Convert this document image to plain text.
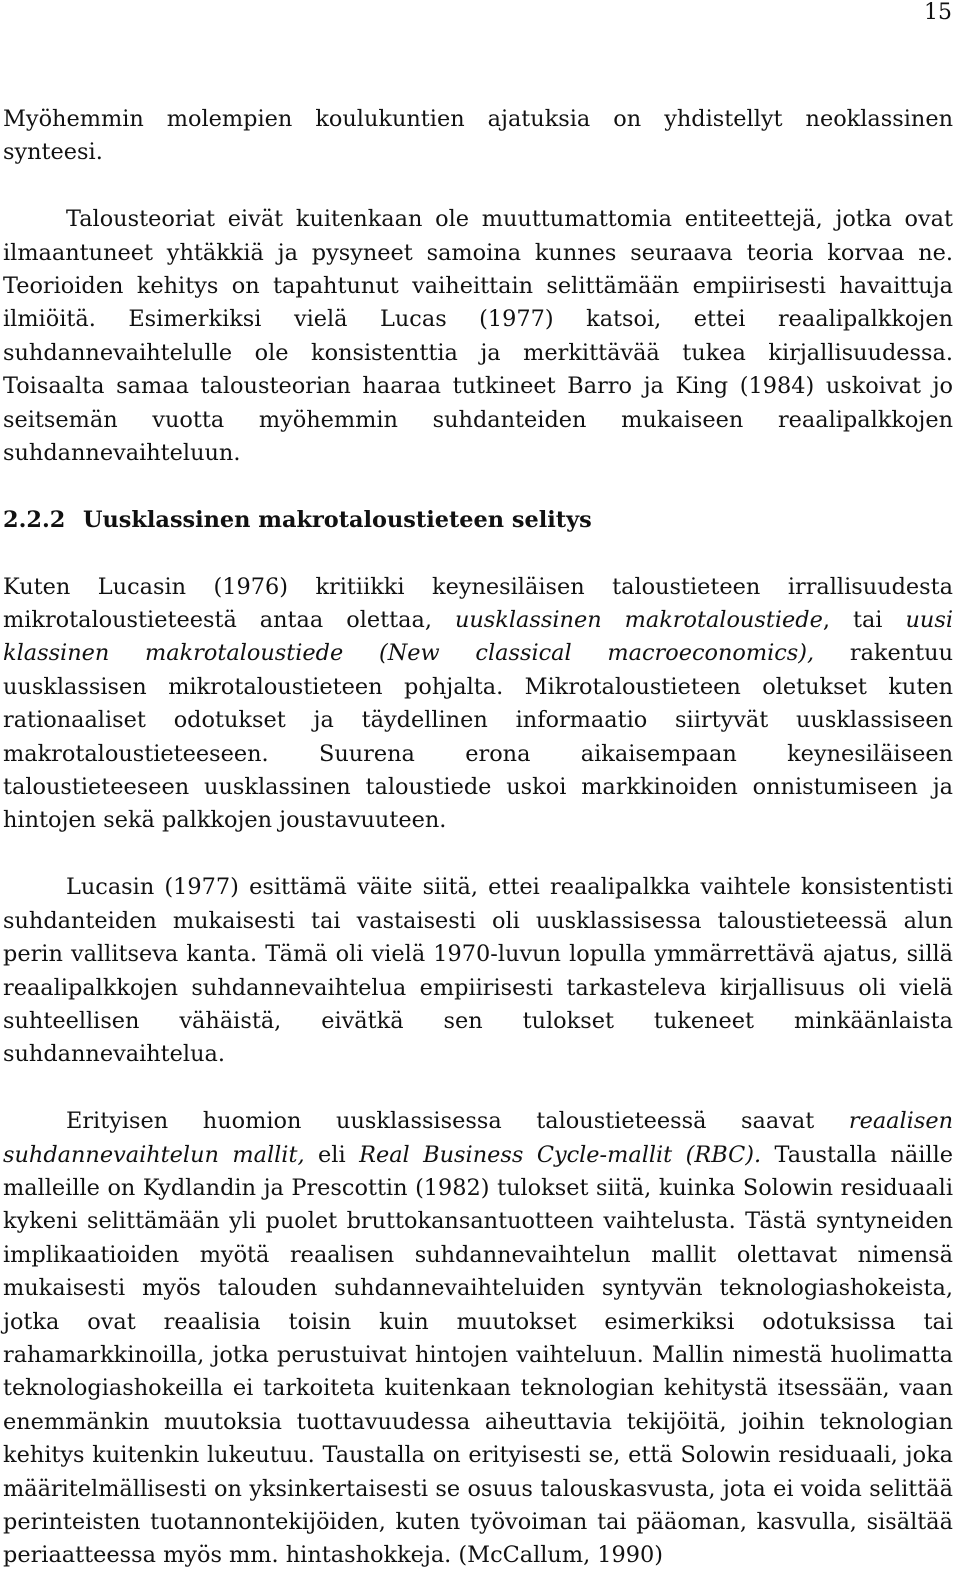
15

Myöhemmin molempien koulukuntien ajatuksia on yhdistellyt neoklassinen synteesi.

Talousteoriat eivät kuitenkaan ole muuttumattomia entiteettejä, jotka ovat ilmaantuneet yhtäkkiä ja pysyneet samoina kunnes seuraava teoria korvaa ne. Teorioiden kehitys on tapahtunut vaiheittain selittämään empiirisesti havaittuja ilmiöitä. Esimerkiksi vielä Lucas (1977) katsoi, ettei reaalipalkkojen suhdannevaihtelulle ole konsistenttia ja merkittävää tukea kirjallisuudessa. Toisaalta samaa talousteorian haaraa tutkineet Barro ja King (1984) uskoivat jo seitsemän vuotta myöhemmin suhdanteiden mukaiseen reaalipalkkojen suhdannevaihteluun.

2.2.2 Uusklassinen makrotaloustieteen selitys

Kuten Lucasin (1976) kritiikki keynesiläisen taloustieteen irrallisuudesta mikrotaloustieteestä antaa olettaa, uusklassinen makrotaloustiede, tai uusi klassinen makrotaloustiede (New classical macroeconomics), rakentuu uusklassisen mikrotaloustieteen pohjalta. Mikrotaloustieteen oletukset kuten rationaaliset odotukset ja täydellinen informaatio siirtyvät uusklassiseen makrotaloustieteeseen. Suurena erona aikaisempaan keynesiläiseen taloustieteeseen uusklassinen taloustiede uskoi markkinoiden onnistumiseen ja hintojen sekä palkkojen joustavuuteen.

Lucasin (1977) esittämä väite siitä, ettei reaalipalkka vaihtele konsistentisti suhdanteiden mukaisesti tai vastaisesti oli uusklassisessa taloustieteessä alun perin vallitseva kanta. Tämä oli vielä 1970-luvun lopulla ymmärrettävä ajatus, sillä reaalipalkkojen suhdannevaihtelua empiirisesti tarkasteleva kirjallisuus oli vielä suhteellisen vähäistä, eivätkä sen tulokset tukeneet minkäänlaista suhdannevaihtelua.

Erityisen huomion uusklassisessa taloustieteessä saavat reaalisen suhdannevaihtelun mallit, eli Real Business Cycle-mallit (RBC). Taustalla näille malleille on Kydlandin ja Prescottin (1982) tulokset siitä, kuinka Solowin residuaali kykeni selittämään yli puolet bruttokansantuotteen vaihtelusta. Tästä syntyneiden implikaatioiden myötä reaalisen suhdannevaihtelun mallit olettavat nimensä mukaisesti myös talouden suhdannevaihteluiden syntyvän teknologiashokeista, jotka ovat reaalisia toisin kuin muutokset esimerkiksi odotuksissa tai rahamarkkinoilla, jotka perustuivat hintojen vaihteluun. Mallin nimestä huolimatta teknologiashokeilla ei tarkoiteta kuitenkaan teknologian kehitystä itsessään, vaan enemmänkin muutoksia tuottavuudessa aiheuttavia tekijöitä, joihin teknologian kehitys kuitenkin lukeutuu. Taustalla on erityisesti se, että Solowin residuaali, joka määritelmällisesti on yksinkertaisesti se osuus talouskasvusta, jota ei voida selittää perinteisten tuotannontekijöiden, kuten työvoiman tai pääoman, kasvulla, sisältää periaatteessa myös mm. hintashokkeja. (McCallum, 1990)
